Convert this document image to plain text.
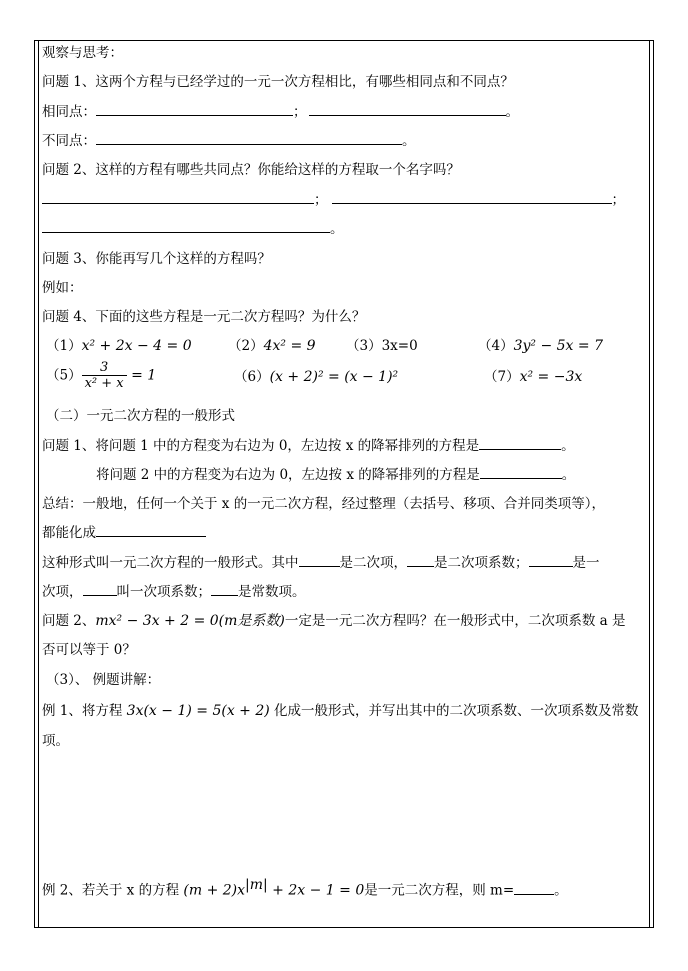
观察与思考：
问题 1、这两个方程与已经学过的一元一次方程相比，有哪些相同点和不同点？
相同点：	；	。
不同点：	。
问题 2、这样的方程有哪些共同点？你能给这样的方程取一个名字吗？
；	；
。
问题 3、你能再写几个这样的方程吗？
例如：
问题 4、下面的这些方程是一元二次方程吗？为什么？
（1）x² + 2x − 4 = 0	（2）4x² = 9 （3）3x=0	（4）3y² − 5x = 7
$(5) \frac{3}{\text{x² + x}} = 1$	（6）(x + 2)² = (x − 1)²	（7）x² = −3x
（二）一元二次方程的一般形式
问题 1、将问题 1 中的方程变为右边为 0，左边按 x 的降幂排列的方程是	。
将问题 2 中的方程变为右边为 0，左边按 x 的降幂排列的方程是	。
总结：一般地，任何一个关于 x 的一元二次方程，经过整理（去括号、移项、合并同类项等），
都能化成
这种形式叫一元二次方程的一般形式。其中	是二次项， 是二次项系数；	是一
次项，	叫一次项系数； 是常数项。
问题 2、mx² − 3x + 2 = 0(m是系数)一定是一元二次方程吗？在一般形式中，二次项系数 a 是
否可以等于 0？
（3）、 例题讲解：
例 1、将方程 3x(x − 1) = 5(x + 2) 化成一般形式，并写出其中的二次项系数、一次项系数及常数
项。
例 2、若关于 x 的方程 $(m + 2)x^{|m|} + 2x - 1 = 0$是一元二次方程，则 m=	。
